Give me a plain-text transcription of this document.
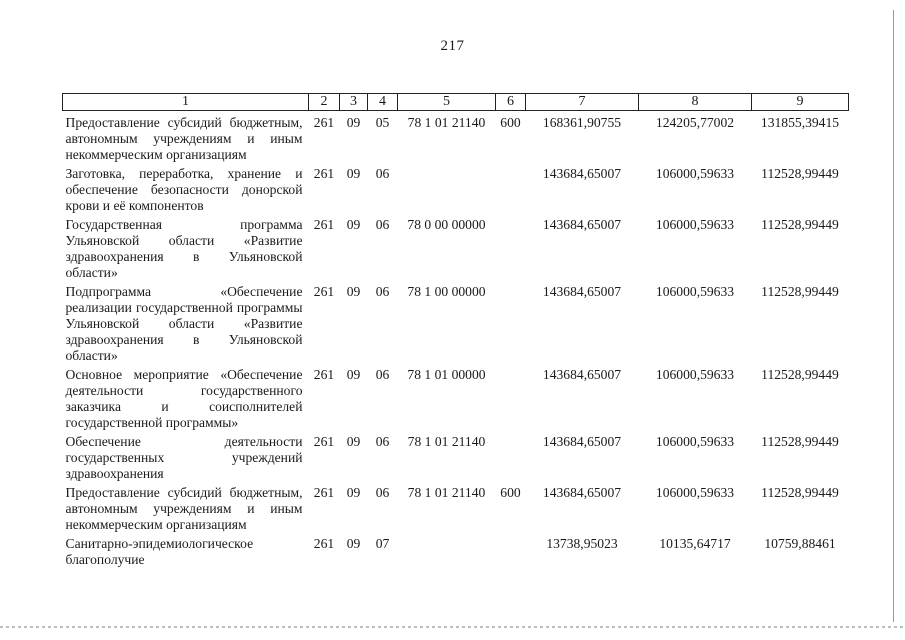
217
1	2	3	4	5	6	7	8	9
Предоставление субсидий бюджетным, автономным учреждениям и иным некоммерческим организациям	261	09	05	78 1 01 21140	600	168361,90755	124205,77002	131855,39415
Заготовка, переработка, хранение и обеспечение безопасности донорской крови и её компонентов	261	09	06			143684,65007	106000,59633	112528,99449
Государственная программа Ульяновской области «Развитие здравоохранения в Ульяновской области»	261	09	06	78 0 00 00000		143684,65007	106000,59633	112528,99449
Подпрограмма «Обеспечение реализации государственной программы Ульяновской области «Развитие здравоохранения в Ульяновской области»	261	09	06	78 1 00 00000		143684,65007	106000,59633	112528,99449
Основное мероприятие «Обеспечение деятельности государственного заказчика и соисполнителей государственной программы»	261	09	06	78 1 01 00000		143684,65007	106000,59633	112528,99449
Обеспечение деятельности государственных учреждений здравоохранения	261	09	06	78 1 01 21140		143684,65007	106000,59633	112528,99449
Предоставление субсидий бюджетным, автономным учреждениям и иным некоммерческим организациям	261	09	06	78 1 01 21140	600	143684,65007	106000,59633	112528,99449
Санитарно-эпидемиологическое благополучие	261	09	07			13738,95023	10135,64717	10759,88461
